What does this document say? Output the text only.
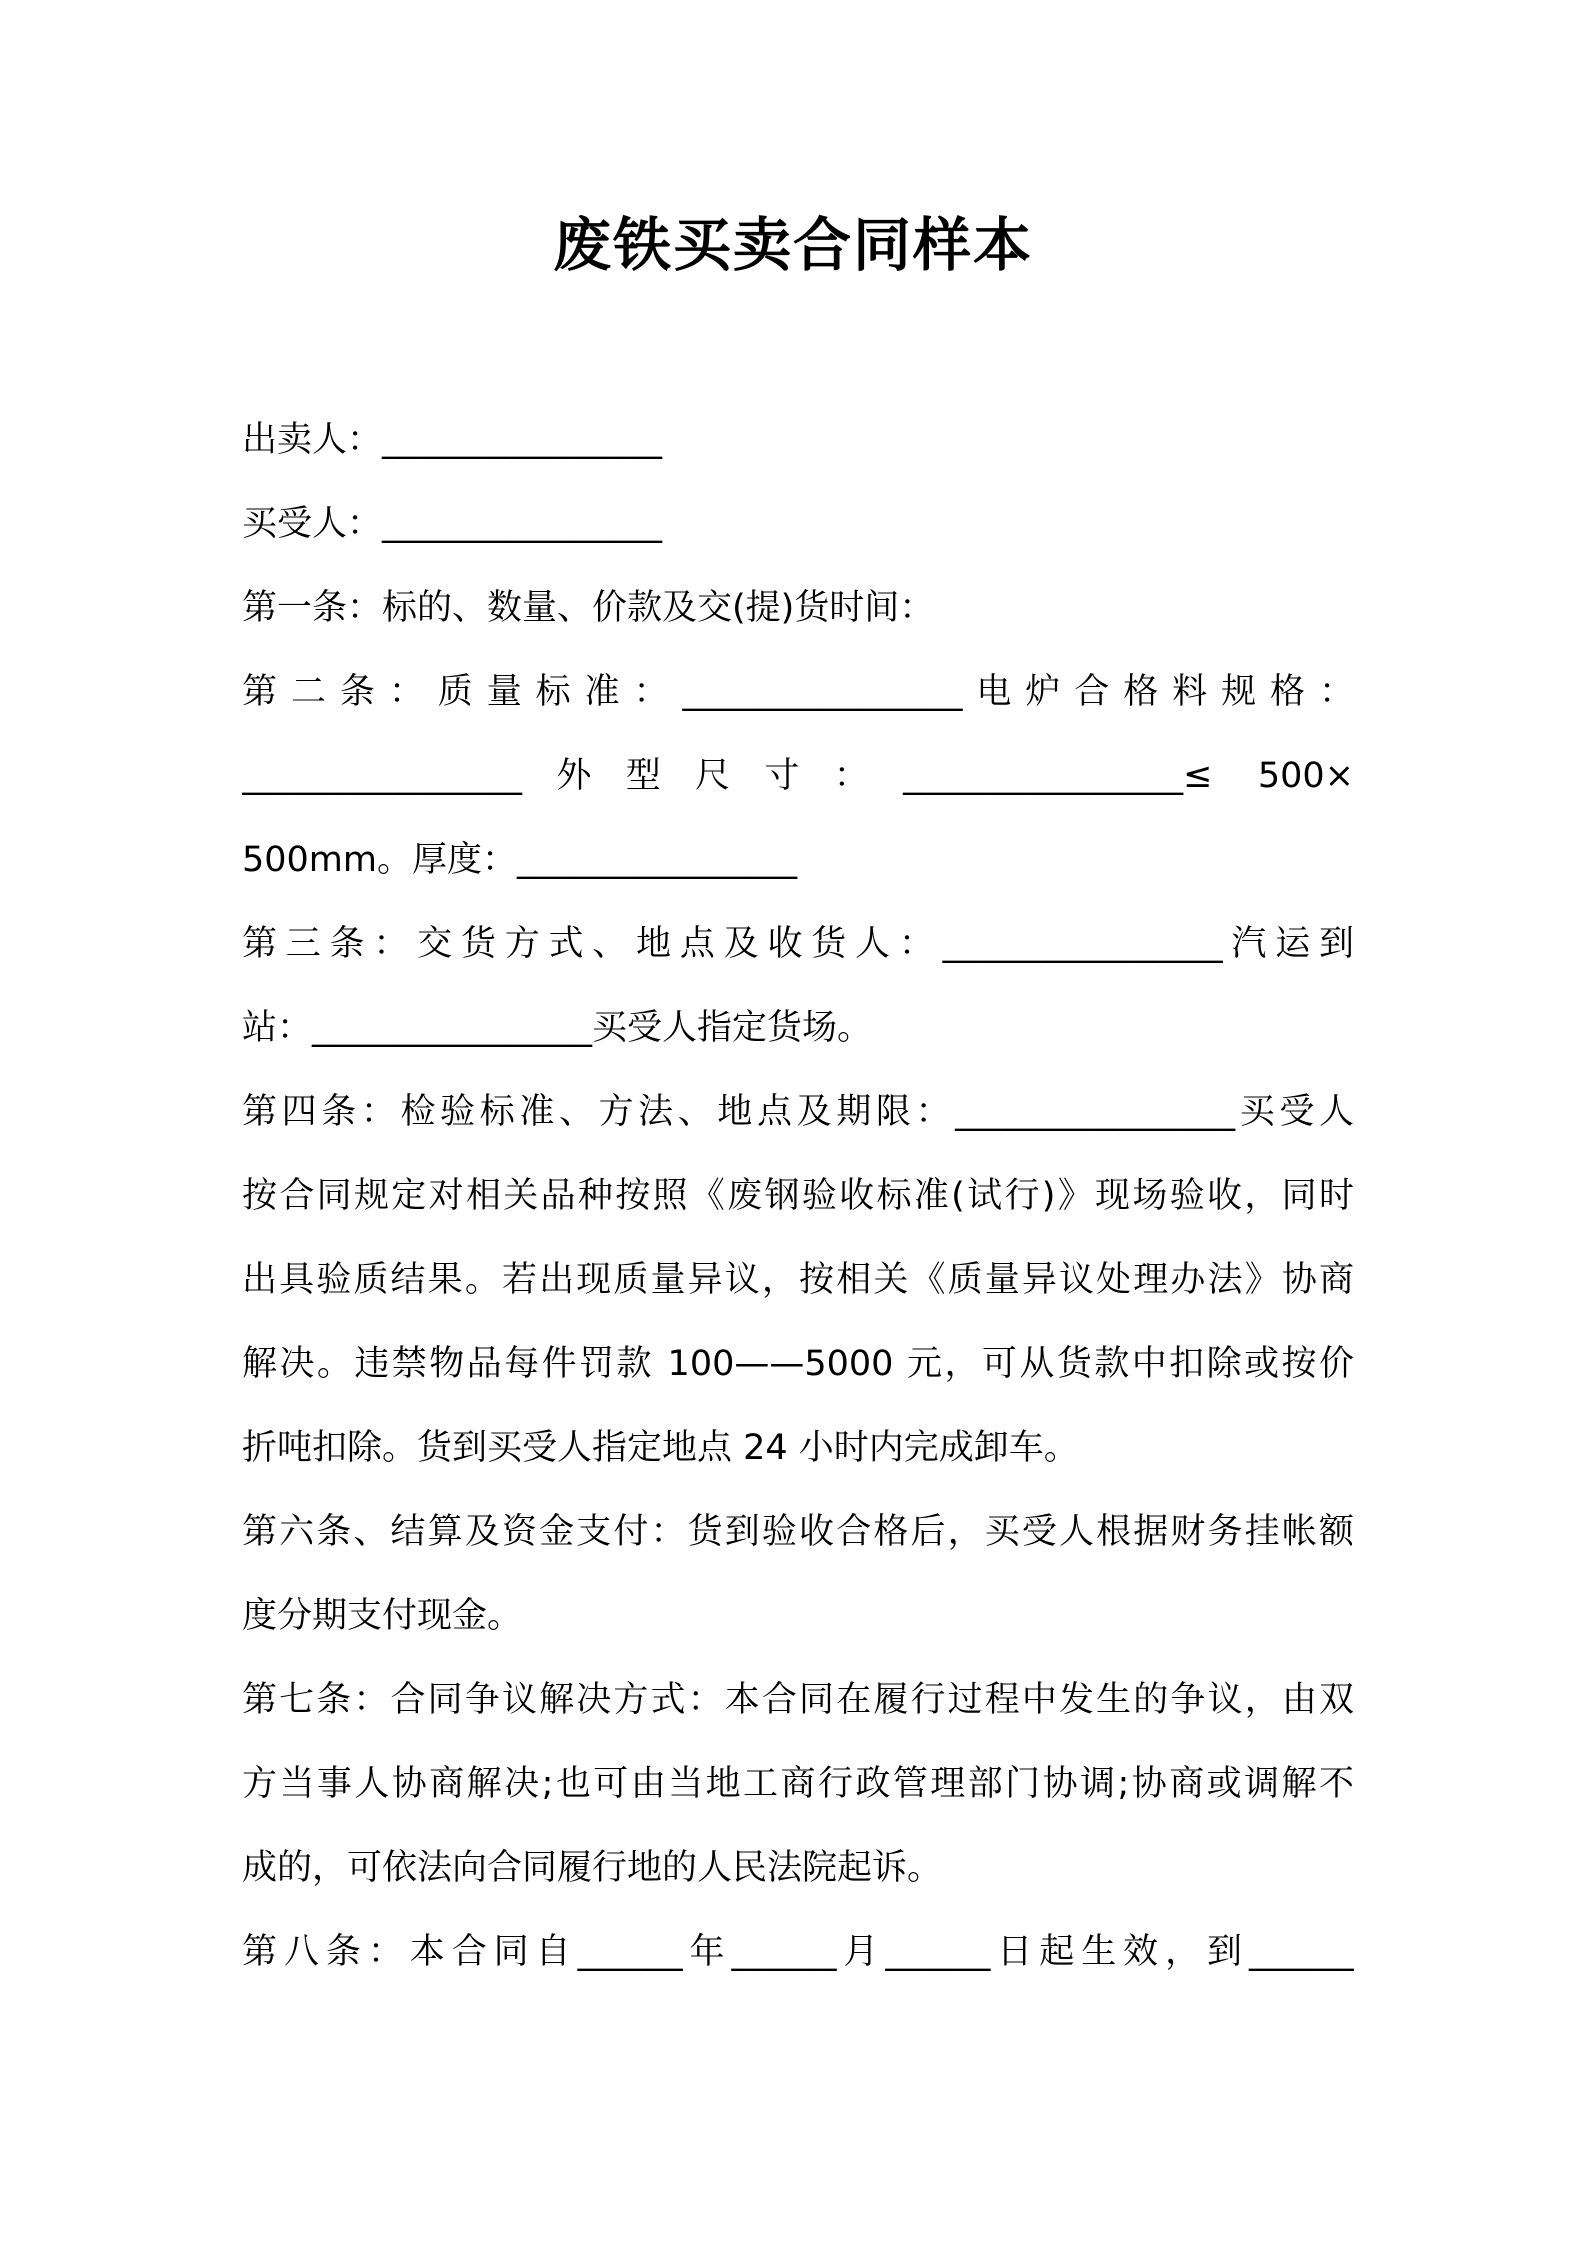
废铁买卖合同样本
出卖人：________________
买受人：________________
第一条：标的、数量、价款及交(提)货时间：
第二条：质量标准：________________电炉合格料规格：
________________外型尺寸：________________≤ 500×
500mm。厚度：________________
第三条：交货方式、地点及收货人：________________汽运到
站：________________买受人指定货场。
第四条：检验标准、方法、地点及期限：________________买受人
按合同规定对相关品种按照《废钢验收标准(试行)》现场验收，同时
出具验质结果。若出现质量异议，按相关《质量异议处理办法》协商
解决。违禁物品每件罚款 100——5000 元，可从货款中扣除或按价
折吨扣除。货到买受人指定地点 24 小时内完成卸车。
第六条、结算及资金支付：货到验收合格后，买受人根据财务挂帐额
度分期支付现金。
第七条：合同争议解决方式：本合同在履行过程中发生的争议，由双
方当事人协商解决;也可由当地工商行政管理部门协调;协商或调解不
成的，可依法向合同履行地的人民法院起诉。
第八条：本合同自______年______月______日起生效，到______
